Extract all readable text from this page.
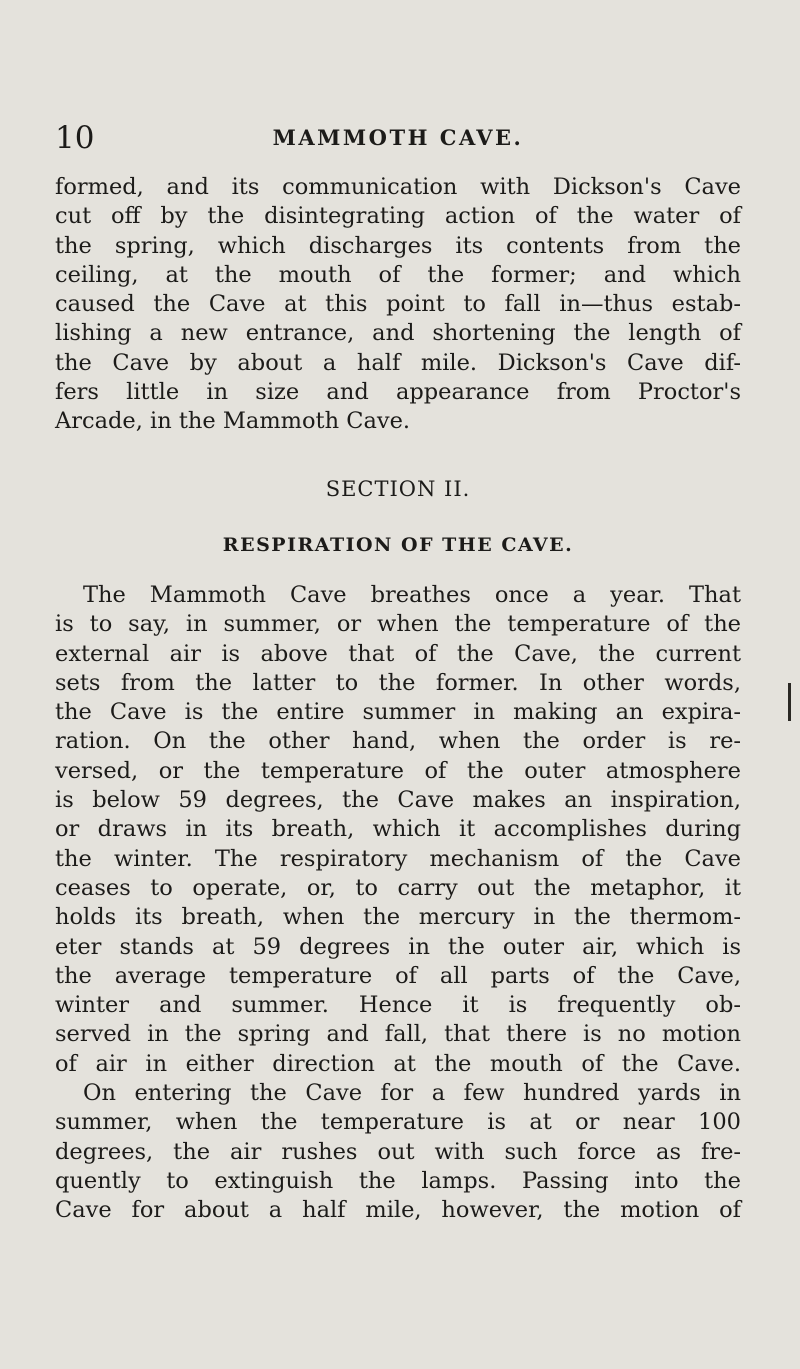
10	MAMMOTH CAVE.
formed, and its communication with Dickson's Cave
cut off by the disintegrating action of the water of
the spring, which discharges its contents from the
ceiling, at the mouth of the former; and which
caused the Cave at this point to fall in—thus estab-
lishing a new entrance, and shortening the length of
the Cave by about a half mile. Dickson's Cave dif-
fers little in size and appearance from Proctor's
Arcade, in the Mammoth Cave.
SECTION II.
RESPIRATION OF THE CAVE.
The Mammoth Cave breathes once a year. That
is to say, in summer, or when the temperature of the
external air is above that of the Cave, the current
sets from the latter to the former. In other words,
the Cave is the entire summer in making an expira-
ration. On the other hand, when the order is re-
versed, or the temperature of the outer atmosphere
is below 59 degrees, the Cave makes an inspiration,
or draws in its breath, which it accomplishes during
the winter. The respiratory mechanism of the Cave
ceases to operate, or, to carry out the metaphor, it
holds its breath, when the mercury in the thermom-
eter stands at 59 degrees in the outer air, which is
the average temperature of all parts of the Cave,
winter and summer. Hence it is frequently ob-
served in the spring and fall, that there is no motion
of air in either direction at the mouth of the Cave.
On entering the Cave for a few hundred yards in
summer, when the temperature is at or near 100
degrees, the air rushes out with such force as fre-
quently to extinguish the lamps. Passing into the
Cave for about a half mile, however, the motion of
